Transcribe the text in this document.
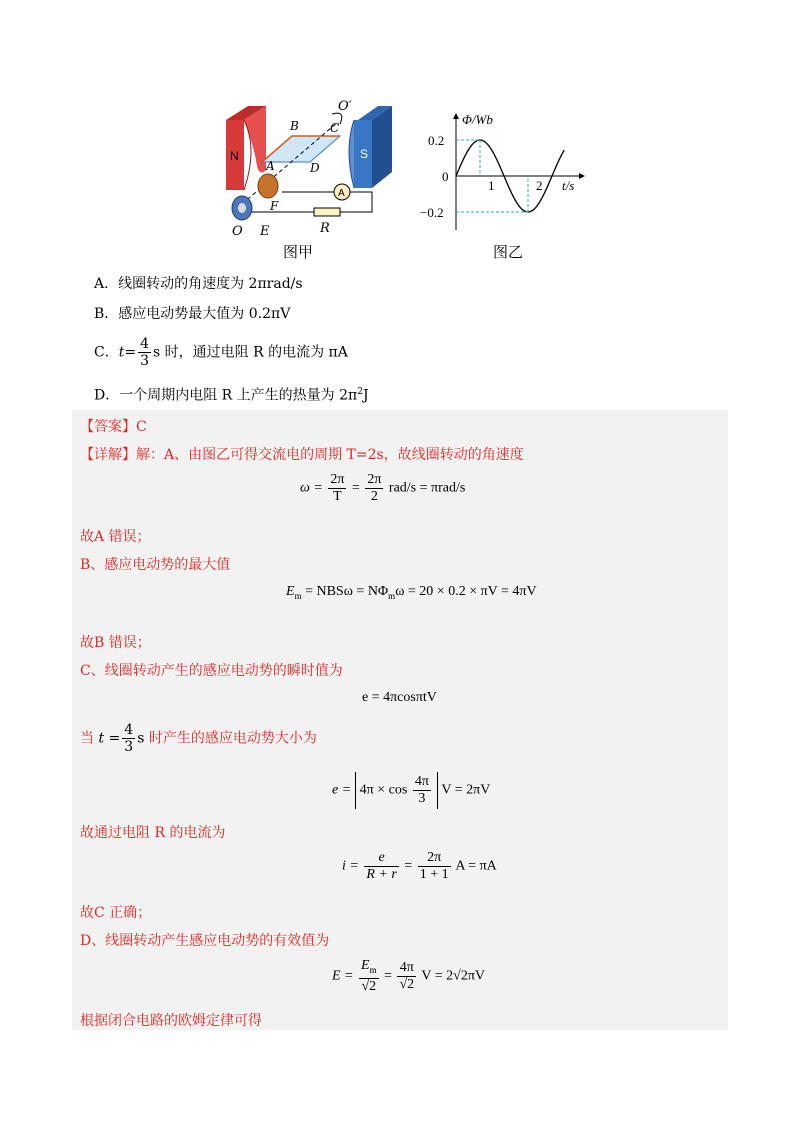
N	S
O′
B	C
A	D
F
A
O E	R
图甲
Φ/Wb
t/s
0.2
0
−0.2
1	2
图乙
A．线圈转动的角速度为 2πrad/s
B．感应电动势最大值为 0.2πV
C．$t= \frac{4}{3}$ s 时，通过电阻 R 的电流为 πA
D．一个周期内电阻 R 上产生的热量为 $2\pi^2J$
【答案】C
【详解】解：A、由图乙可得交流电的周期 T=2s，故线圈转动的角速度
$\omega = \frac{2\pi}{T} = \frac{2\pi}{2} rad/s = \pi rad/s$
故A 错误；
B、感应电动势的最大值
$E_m = NBS\omega = N\Phi_m\omega = 20 \times 0.2 \times \pi V = 4\pi V$
故B 错误；
C、线圈转动产生的感应电动势的瞬时值为
e = 4πcosπtV
当 $t = \frac{4}{3}$ s 时产生的感应电动势大小为
$e = 4\pi \times \cos \frac{4\pi}{3}$ V = 2πV
故通过电阻 R 的电流为
$i = \frac{e}{R + r} = \frac{2\pi}{1 + 1}$ A = πA
故C 正确；
D、线圈转动产生感应电动势的有效值为
$E = \frac{E_m}{√2} = \frac{4\pi}{√2}$ V = 2√2πV
根据闭合电路的欧姆定律可得
